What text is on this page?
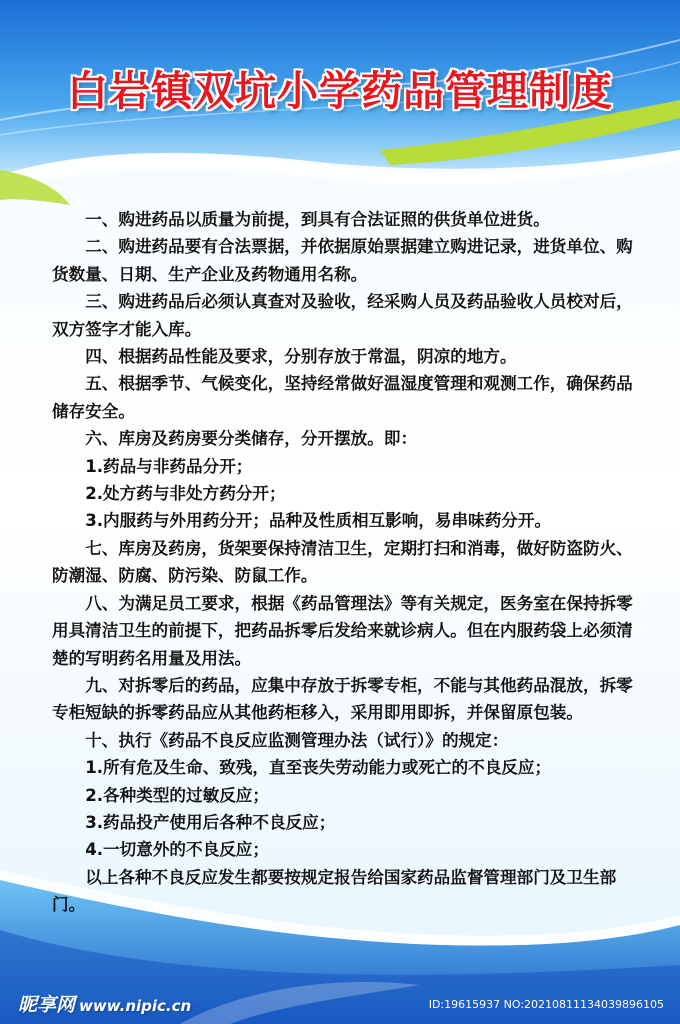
白岩镇双坑小学药品管理制度

一、购进药品以质量为前提，到具有合法证照的供货单位进货。

二、购进药品要有合法票据，并依据原始票据建立购进记录，进货单位、购货数量、日期、生产企业及药物通用名称。

三、购进药品后必须认真查对及验收，经采购人员及药品验收人员校对后，双方签字才能入库。

四、根据药品性能及要求，分别存放于常温，阴凉的地方。

五、根据季节、气候变化，坚持经常做好温湿度管理和观测工作，确保药品储存安全。

六、库房及药房要分类储存，分开摆放。即：

1.药品与非药品分开；

2.处方药与非处方药分开；

3.内服药与外用药分开；品种及性质相互影响，易串味药分开。

七、库房及药房，货架要保持清洁卫生，定期打扫和消毒，做好防盗防火、防潮湿、防腐、防污染、防鼠工作。

八、为满足员工要求，根据《药品管理法》等有关规定，医务室在保持拆零用具清洁卫生的前提下，把药品拆零后发给来就诊病人。但在内服药袋上必须清楚的写明药名用量及用法。

九、对拆零后的药品，应集中存放于拆零专柜，不能与其他药品混放，拆零专柜短缺的拆零药品应从其他药柜移入，采用即用即拆，并保留原包装。

十、执行《药品不良反应监测管理办法（试行）》的规定：

1.所有危及生命、致残，直至丧失劳动能力或死亡的不良反应；

2.各种类型的过敏反应；

3.药品投产使用后各种不良反应；

4.一切意外的不良反应；

以上各种不良反应发生都要按规定报告给国家药品监督管理部门及卫生部门。

昵享网 www.nipic.cn	ID:19615937 NO:20210811134039896105
